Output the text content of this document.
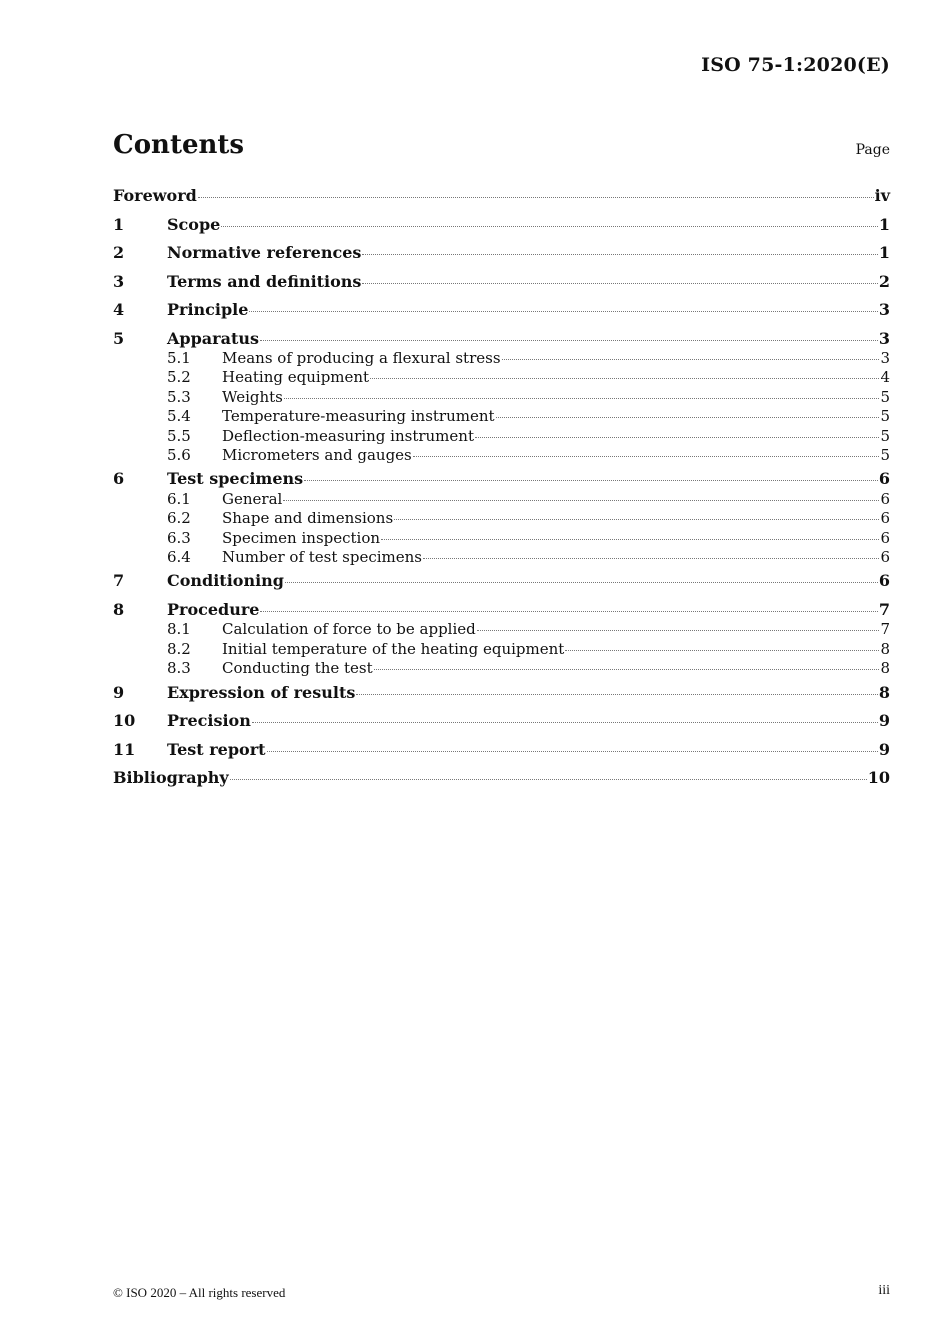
ISO 75-1:2020(E)
Contents	Page
Foreword	iv
1	Scope	1
2	Normative references	1
3	Terms and definitions	2
4	Principle	3
5	Apparatus	3
5.1	Means of producing a flexural stress	3
5.2	Heating equipment	4
5.3	Weights	5
5.4	Temperature-measuring instrument	5
5.5	Deflection-measuring instrument	5
5.6	Micrometers and gauges	5
6	Test specimens	6
6.1	General	6
6.2	Shape and dimensions	6
6.3	Specimen inspection	6
6.4	Number of test specimens	6
7	Conditioning	6
8	Procedure	7
8.1	Calculation of force to be applied	7
8.2	Initial temperature of the heating equipment	8
8.3	Conducting the test	8
9	Expression of results	8
10	Precision	9
11	Test report	9
Bibliography	10
© ISO 2020 – All rights reserved	iii
